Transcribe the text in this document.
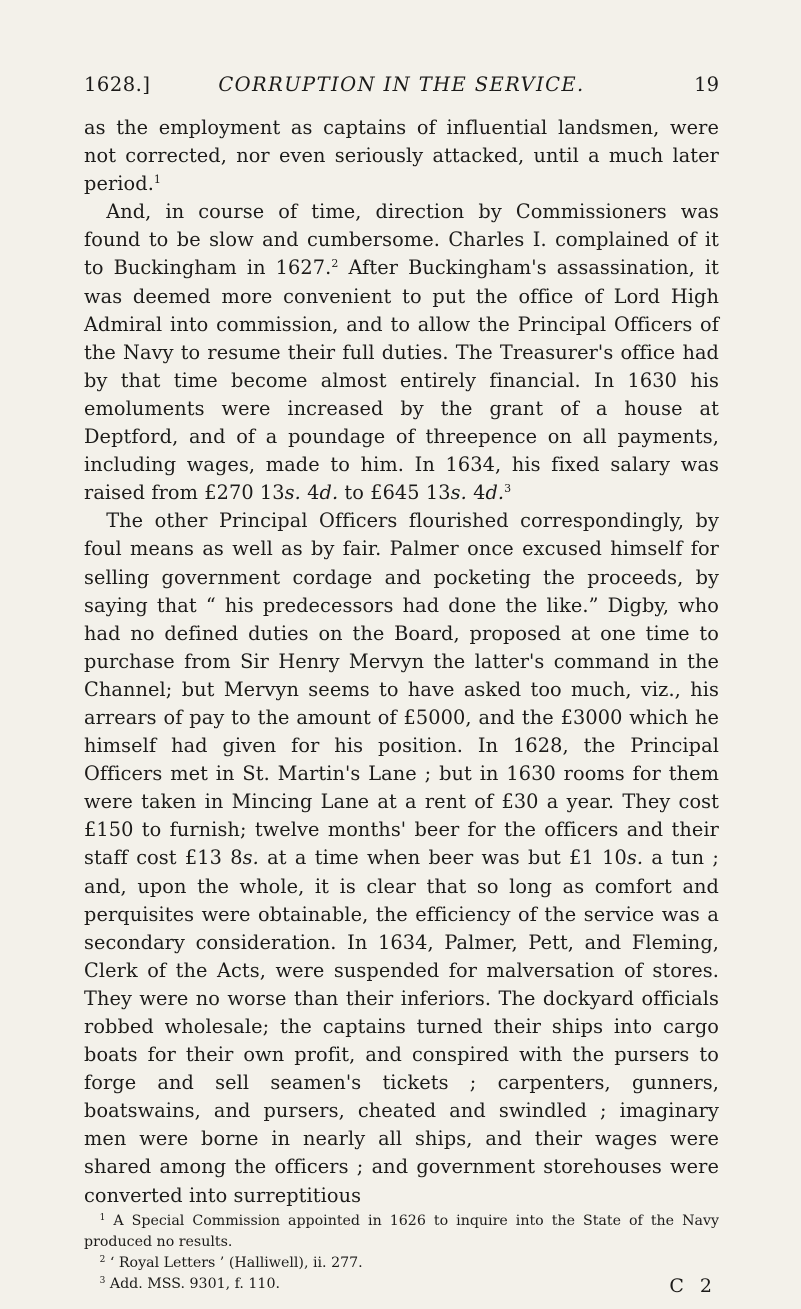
1628.]	CORRUPTION IN THE SERVICE.	19

as the employment as captains of influential landsmen, were not corrected, nor even seriously attacked, until a much later period.$^1$

And, in course of time, direction by Commissioners was found to be slow and cumbersome. Charles I. complained of it to Buckingham in 1627.$^2$ After Buckingham's assassination, it was deemed more convenient to put the office of Lord High Admiral into commission, and to allow the Principal Officers of the Navy to resume their full duties. The Treasurer's office had by that time become almost entirely financial. In 1630 his emoluments were increased by the grant of a house at Deptford, and of a poundage of threepence on all payments, including wages, made to him. In 1634, his fixed salary was raised from £270 13s. 4d. to £645 13s. 4d.$^3$

The other Principal Officers flourished correspondingly, by foul means as well as by fair. Palmer once excused himself for selling government cordage and pocketing the proceeds, by saying that “ his predecessors had done the like.” Digby, who had no defined duties on the Board, proposed at one time to purchase from Sir Henry Mervyn the latter's command in the Channel; but Mervyn seems to have asked too much, viz., his arrears of pay to the amount of £5000, and the £3000 which he himself had given for his position. In 1628, the Principal Officers met in St. Martin's Lane ; but in 1630 rooms for them were taken in Mincing Lane at a rent of £30 a year. They cost £150 to furnish; twelve months' beer for the officers and their staff cost £13 8s. at a time when beer was but £1 10s. a tun ; and, upon the whole, it is clear that so long as comfort and perquisites were obtainable, the efficiency of the service was a secondary consideration. In 1634, Palmer, Pett, and Fleming, Clerk of the Acts, were suspended for malversation of stores. They were no worse than their inferiors. The dockyard officials robbed wholesale; the captains turned their ships into cargo boats for their own profit, and conspired with the pursers to forge and sell seamen's tickets ; carpenters, gunners, boatswains, and pursers, cheated and swindled ; imaginary men were borne in nearly all ships, and their wages were shared among the officers ; and government storehouses were converted into surreptitious

$^1$ A Special Commission appointed in 1626 to inquire into the State of the Navy produced no results.

$^2$ ‘ Royal Letters ’ (Halliwell), ii. 277.

$^3$ Add. MSS. 9301, f. 110.	C 2
